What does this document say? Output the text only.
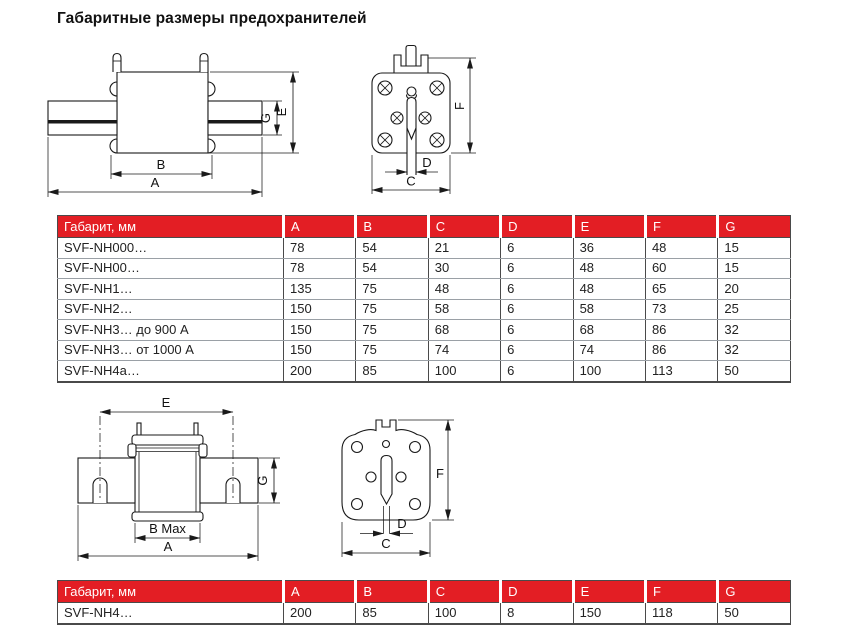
Габаритные размеры предохранителей
B
A
G
E
F
D
C
E
G
B Max
A
F
D
C
Габарит, мм	A	B	C	D	E	F	G
SVF-NH000…	78	54	21	6	36	48	15
SVF-NH00…	78	54	30	6	48	60	15
SVF-NH1…	135	75	48	6	48	65	20
SVF-NH2…	150	75	58	6	58	73	25
SVF-NH3… до 900 А	150	75	68	6	68	86	32
SVF-NH3… от 1000 А	150	75	74	6	74	86	32
SVF-NH4a…	200	85	100	6	100	113	50
Габарит, мм	A	B	C	D	E	F	G
SVF-NH4…	200	85	100	8	150	118	50
